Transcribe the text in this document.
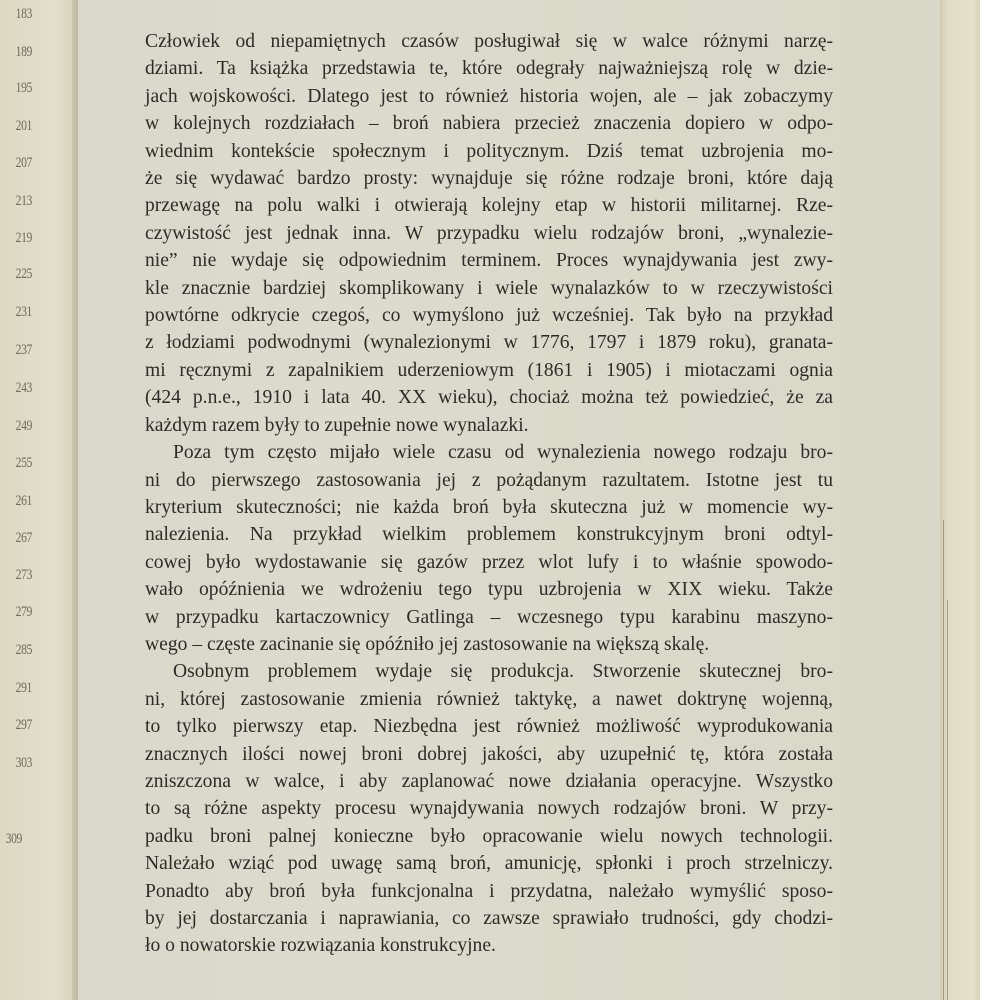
183
189
195
201
207
213
219
225
231
237
243
249
255
261
267
273
279
285
291
297
303
309
Człowiek od niepamiętnych czasów posługiwał się w walce różnymi narzę-
dziami. Ta książka przedstawia te, które odegrały najważniejszą rolę w dzie-
jach wojskowości. Dlatego jest to również historia wojen, ale – jak zobaczymy
w kolejnych rozdziałach – broń nabiera przecież znaczenia dopiero w odpo-
wiednim kontekście społecznym i politycznym. Dziś temat uzbrojenia mo-
że się wydawać bardzo prosty: wynajduje się różne rodzaje broni, które dają
przewagę na polu walki i otwierają kolejny etap w historii militarnej. Rze-
czywistość jest jednak inna. W przypadku wielu rodzajów broni, „wynalezie-
nie” nie wydaje się odpowiednim terminem. Proces wynajdywania jest zwy-
kle znacznie bardziej skomplikowany i wiele wynalazków to w rzeczywistości
powtórne odkrycie czegoś, co wymyślono już wcześniej. Tak było na przykład
z łodziami podwodnymi (wynalezionymi w 1776, 1797 i 1879 roku), granata-
mi ręcznymi z zapalnikiem uderzeniowym (1861 i 1905) i miotaczami ognia
(424 p.n.e., 1910 i lata 40. XX wieku), chociaż można też powiedzieć, że za
każdym razem były to zupełnie nowe wynalazki.
Poza tym często mijało wiele czasu od wynalezienia nowego rodzaju bro-
ni do pierwszego zastosowania jej z pożądanym razultatem. Istotne jest tu
kryterium skuteczności; nie każda broń była skuteczna już w momencie wy-
nalezienia. Na przykład wielkim problemem konstrukcyjnym broni odtyl-
cowej było wydostawanie się gazów przez wlot lufy i to właśnie spowodo-
wało opóźnienia we wdrożeniu tego typu uzbrojenia w XIX wieku. Także
w przypadku kartaczownicy Gatlinga – wczesnego typu karabinu maszyno-
wego – częste zacinanie się opóźniło jej zastosowanie na większą skalę.
Osobnym problemem wydaje się produkcja. Stworzenie skutecznej bro-
ni, której zastosowanie zmienia również taktykę, a nawet doktrynę wojenną,
to tylko pierwszy etap. Niezbędna jest również możliwość wyprodukowania
znacznych ilości nowej broni dobrej jakości, aby uzupełnić tę, która została
zniszczona w walce, i aby zaplanować nowe działania operacyjne. Wszystko
to są różne aspekty procesu wynajdywania nowych rodzajów broni. W przy-
padku broni palnej konieczne było opracowanie wielu nowych technologii.
Należało wziąć pod uwagę samą broń, amunicję, spłonki i proch strzelniczy.
Ponadto aby broń była funkcjonalna i przydatna, należało wymyślić sposo-
by jej dostarczania i naprawiania, co zawsze sprawiało trudności, gdy chodzi-
ło o nowatorskie rozwiązania konstrukcyjne.
